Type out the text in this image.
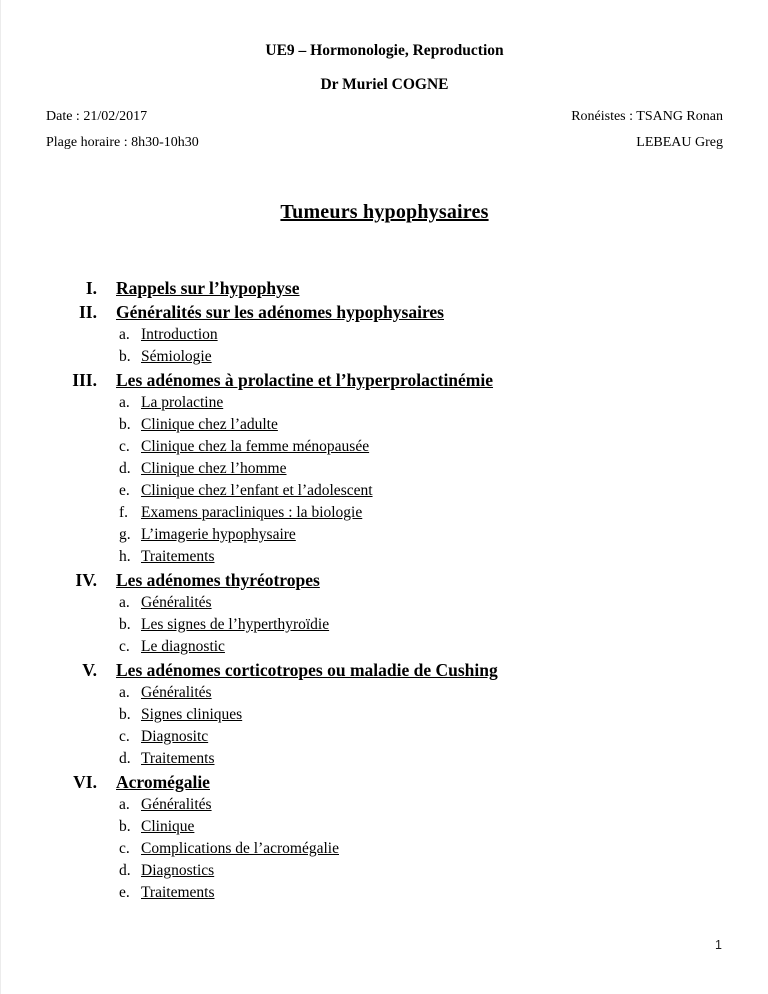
UE9 – Hormonologie, Reproduction
Dr Muriel COGNE
Date : 21/02/2017	Ronéistes : TSANG Ronan
Plage horaire : 8h30-10h30	LEBEAU Greg
Tumeurs hypophysaires
I. Rappels sur l’hypophyse
II. Généralités sur les adénomes hypophysaires
a. Introduction
b. Sémiologie
III. Les adénomes à prolactine et l’hyperprolactinémie
a. La prolactine
b. Clinique chez l’adulte
c. Clinique chez la femme ménopausée
d. Clinique chez l’homme
e. Clinique chez l’enfant et l’adolescent
f. Examens paracliniques : la biologie
g. L’imagerie hypophysaire
h. Traitements
IV. Les adénomes thyréotropes
a. Généralités
b. Les signes de l’hyperthyroïdie
c. Le diagnostic
V. Les adénomes corticotropes ou maladie de Cushing
a. Généralités
b. Signes cliniques
c. Diagnositc
d. Traitements
VI. Acromégalie
a. Généralités
b. Clinique
c. Complications de l’acromégalie
d. Diagnostics
e. Traitements
1
